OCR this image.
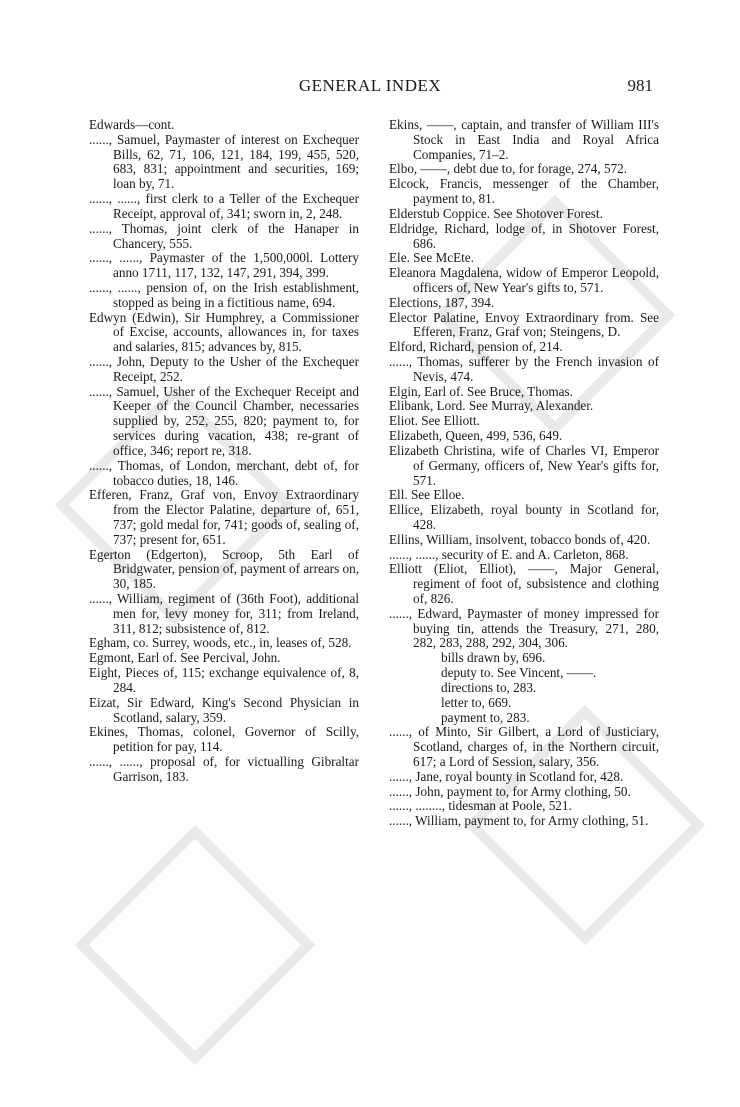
GENERAL INDEX	981
Edwards—cont.
......, Samuel, Paymaster of interest on Exchequer Bills, 62, 71, 106, 121, 184, 199, 455, 520, 683, 831; appointment and securities, 169; loan by, 71.
......, ......, first clerk to a Teller of the Exchequer Receipt, approval of, 341; sworn in, 2, 248.
......, Thomas, joint clerk of the Hanaper in Chancery, 555.
......, ......, Paymaster of the 1,500,000l. Lottery anno 1711, 117, 132, 147, 291, 394, 399.
......, ......, pension of, on the Irish establishment, stopped as being in a fictitious name, 694.
Edwyn (Edwin), Sir Humphrey, a Commissioner of Excise, accounts, allowances in, for taxes and salaries, 815; advances by, 815.
......, John, Deputy to the Usher of the Exchequer Receipt, 252.
......, Samuel, Usher of the Exchequer Receipt and Keeper of the Council Chamber, necessaries supplied by, 252, 255, 820; payment to, for services during vacation, 438; re-grant of office, 346; report re, 318.
......, Thomas, of London, merchant, debt of, for tobacco duties, 18, 146.
Efferen, Franz, Graf von, Envoy Extraordinary from the Elector Palatine, departure of, 651, 737; gold medal for, 741; goods of, sealing of, 737; present for, 651.
Egerton (Edgerton), Scroop, 5th Earl of Bridgwater, pension of, payment of arrears on, 30, 185.
......, William, regiment of (36th Foot), additional men for, levy money for, 311; from Ireland, 311, 812; subsistence of, 812.
Egham, co. Surrey, woods, etc., in, leases of, 528.
Egmont, Earl of. See Percival, John.
Eight, Pieces of, 115; exchange equivalence of, 8, 284.
Eizat, Sir Edward, King's Second Physician in Scotland, salary, 359.
Ekines, Thomas, colonel, Governor of Scilly, petition for pay, 114.
......, ......, proposal of, for victualling Gibraltar Garrison, 183.
Ekins, ——, captain, and transfer of William III's Stock in East India and Royal Africa Companies, 71–2.
Elbo, ——, debt due to, for forage, 274, 572.
Elcock, Francis, messenger of the Chamber, payment to, 81.
Elderstub Coppice. See Shotover Forest.
Eldridge, Richard, lodge of, in Shotover Forest, 686.
Ele. See McEte.
Eleanora Magdalena, widow of Emperor Leopold, officers of, New Year's gifts to, 571.
Elections, 187, 394.
Elector Palatine, Envoy Extraordinary from. See Efferen, Franz, Graf von; Steingens, D.
Elford, Richard, pension of, 214.
......, Thomas, sufferer by the French invasion of Nevis, 474.
Elgin, Earl of. See Bruce, Thomas.
Elibank, Lord. See Murray, Alexander.
Eliot. See Elliott.
Elizabeth, Queen, 499, 536, 649.
Elizabeth Christina, wife of Charles VI, Emperor of Germany, officers of, New Year's gifts for, 571.
Ell. See Elloe.
Ellice, Elizabeth, royal bounty in Scotland for, 428.
Ellins, William, insolvent, tobacco bonds of, 420.
......, ......, security of E. and A. Carleton, 868.
Elliott (Eliot, Elliot), ——, Major General, regiment of foot of, subsistence and clothing of, 826.
......, Edward, Paymaster of money impressed for buying tin, attends the Treasury, 271, 280, 282, 283, 288, 292, 304, 306.
bills drawn by, 696.
deputy to. See Vincent, ——.
directions to, 283.
letter to, 669.
payment to, 283.
......, of Minto, Sir Gilbert, a Lord of Justiciary, Scotland, charges of, in the Northern circuit, 617; a Lord of Session, salary, 356.
......, Jane, royal bounty in Scotland for, 428.
......, John, payment to, for Army clothing, 50.
......, ........, tidesman at Poole, 521.
......, William, payment to, for Army clothing, 51.
